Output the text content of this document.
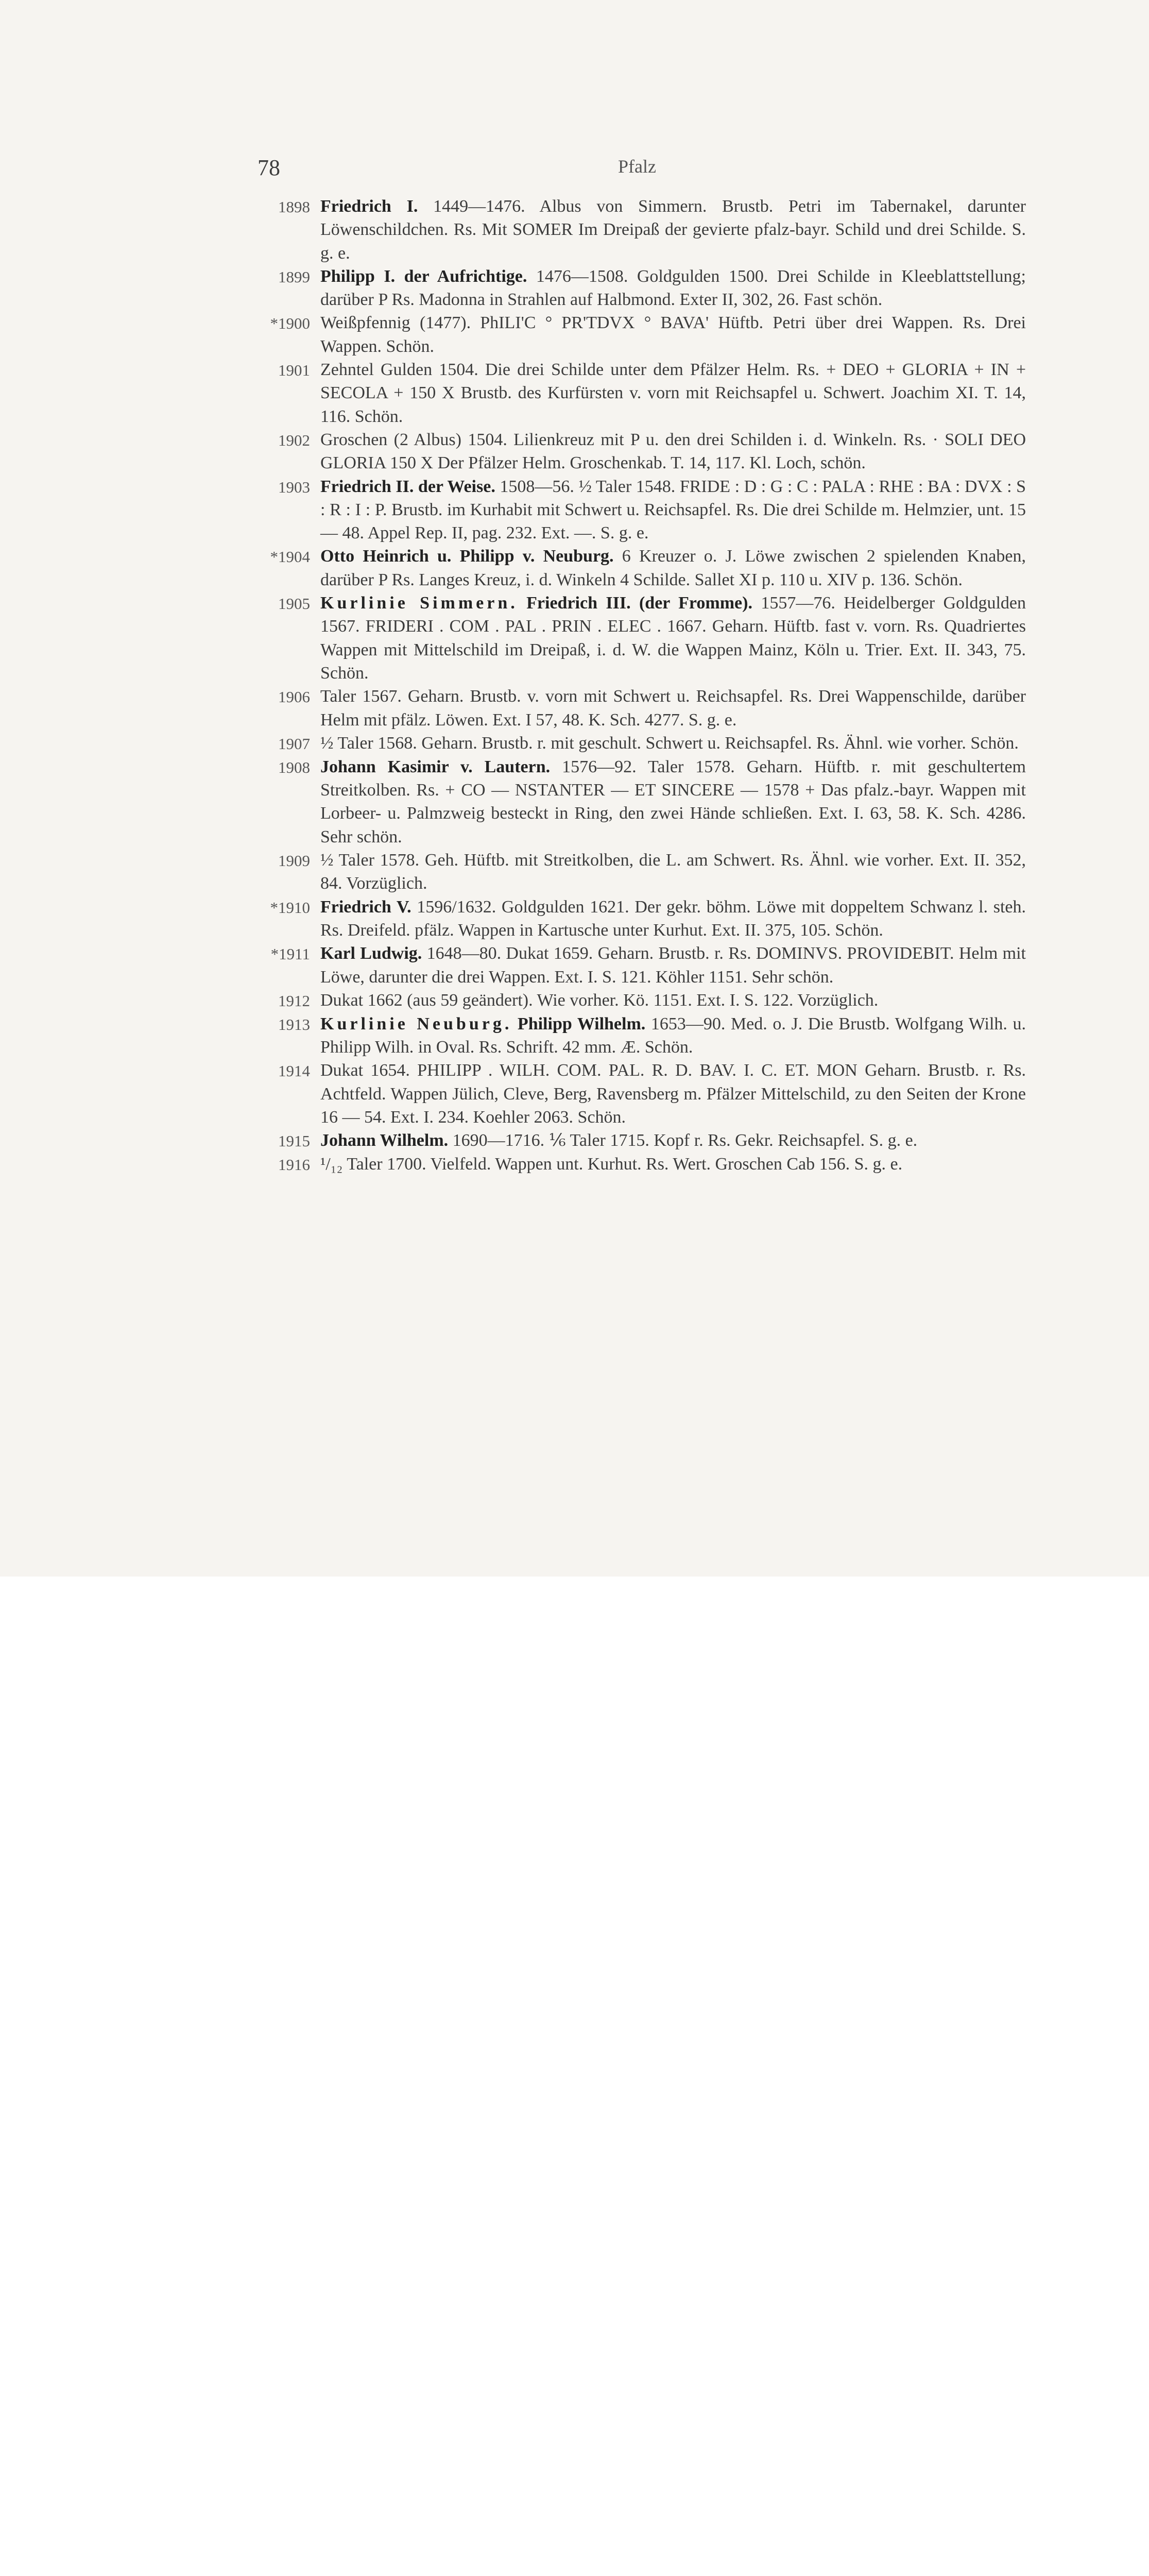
78	Pfalz
1898 Friedrich I. 1449—1476. Albus von Simmern. Brustb. Petri im Tabernakel, darunter Löwenschildchen. Rs. Mit SOMER Im Dreipaß der gevierte pfalz-bayr. Schild und drei Schilde. S. g. e.
1899 Philipp I. der Aufrichtige. 1476—1508. Goldgulden 1500. Drei Schilde in Kleeblattstellung; darüber P Rs. Madonna in Strahlen auf Halbmond. Exter II, 302, 26. Fast schön.
*1900 Weißpfennig (1477). PhILI'C ° PR'TDVX ° BAVA' Hüftb. Petri über drei Wappen. Rs. Drei Wappen. Schön.
1901 Zehntel Gulden 1504. Die drei Schilde unter dem Pfälzer Helm. Rs. + DEO + GLORIA + IN + SECOLA + 150 X Brustb. des Kurfürsten v. vorn mit Reichsapfel u. Schwert. Joachim XI. T. 14, 116. Schön.
1902 Groschen (2 Albus) 1504. Lilienkreuz mit P u. den drei Schilden i. d. Winkeln. Rs. · SOLI DEO GLORIA 150 X Der Pfälzer Helm. Groschenkab. T. 14, 117. Kl. Loch, schön.
1903 Friedrich II. der Weise. 1508—56. ½ Taler 1548. FRIDE : D : G : C : PALA : RHE : BA : DVX : S : R : I : P. Brustb. im Kurhabit mit Schwert u. Reichsapfel. Rs. Die drei Schilde m. Helmzier, unt. 15 — 48. Appel Rep. II, pag. 232. Ext. —. S. g. e.
*1904 Otto Heinrich u. Philipp v. Neuburg. 6 Kreuzer o. J. Löwe zwischen 2 spielenden Knaben, darüber P Rs. Langes Kreuz, i. d. Winkeln 4 Schilde. Sallet XI p. 110 u. XIV p. 136. Schön.
1905 Kurlinie Simmern. Friedrich III. (der Fromme). 1557—76. Heidelberger Goldgulden 1567. FRIDERI . COM . PAL . PRIN . ELEC . 1667. Geharn. Hüftb. fast v. vorn. Rs. Quadriertes Wappen mit Mittelschild im Dreipaß, i. d. W. die Wappen Mainz, Köln u. Trier. Ext. II. 343, 75. Schön.
1906 Taler 1567. Geharn. Brustb. v. vorn mit Schwert u. Reichsapfel. Rs. Drei Wappenschilde, darüber Helm mit pfälz. Löwen. Ext. I 57, 48. K. Sch. 4277. S. g. e.
1907 ½ Taler 1568. Geharn. Brustb. r. mit geschult. Schwert u. Reichsapfel. Rs. Ähnl. wie vorher. Schön.
1908 Johann Kasimir v. Lautern. 1576—92. Taler 1578. Geharn. Hüftb. r. mit geschultertem Streitkolben. Rs. + CO — NSTANTER — ET SINCERE — 1578 + Das pfalz.-bayr. Wappen mit Lorbeer- u. Palmzweig besteckt in Ring, den zwei Hände schließen. Ext. I. 63, 58. K. Sch. 4286. Sehr schön.
1909 ½ Taler 1578. Geh. Hüftb. mit Streitkolben, die L. am Schwert. Rs. Ähnl. wie vorher. Ext. II. 352, 84. Vorzüglich.
*1910 Friedrich V. 1596/1632. Goldgulden 1621. Der gekr. böhm. Löwe mit doppeltem Schwanz l. steh. Rs. Dreifeld. pfälz. Wappen in Kartusche unter Kurhut. Ext. II. 375, 105. Schön.
*1911 Karl Ludwig. 1648—80. Dukat 1659. Geharn. Brustb. r. Rs. DOMINVS. PROVIDEBIT. Helm mit Löwe, darunter die drei Wappen. Ext. I. S. 121. Köhler 1151. Sehr schön.
1912 Dukat 1662 (aus 59 geändert). Wie vorher. Kö. 1151. Ext. I. S. 122. Vorzüglich.
1913 Kurlinie Neuburg. Philipp Wilhelm. 1653—90. Med. o. J. Die Brustb. Wolfgang Wilh. u. Philipp Wilh. in Oval. Rs. Schrift. 42 mm. Æ. Schön.
1914 Dukat 1654. PHILIPP . WILH. COM. PAL. R. D. BAV. I. C. ET. MON Geharn. Brustb. r. Rs. Achtfeld. Wappen Jülich, Cleve, Berg, Ravensberg m. Pfälzer Mittelschild, zu den Seiten der Krone 16 — 54. Ext. I. 234. Koehler 2063. Schön.
1915 Johann Wilhelm. 1690—1716. ⅙ Taler 1715. Kopf r. Rs. Gekr. Reichsapfel. S. g. e.
1916 ¹/₁₂ Taler 1700. Vielfeld. Wappen unt. Kurhut. Rs. Wert. Groschen Cab 156. S. g. e.
